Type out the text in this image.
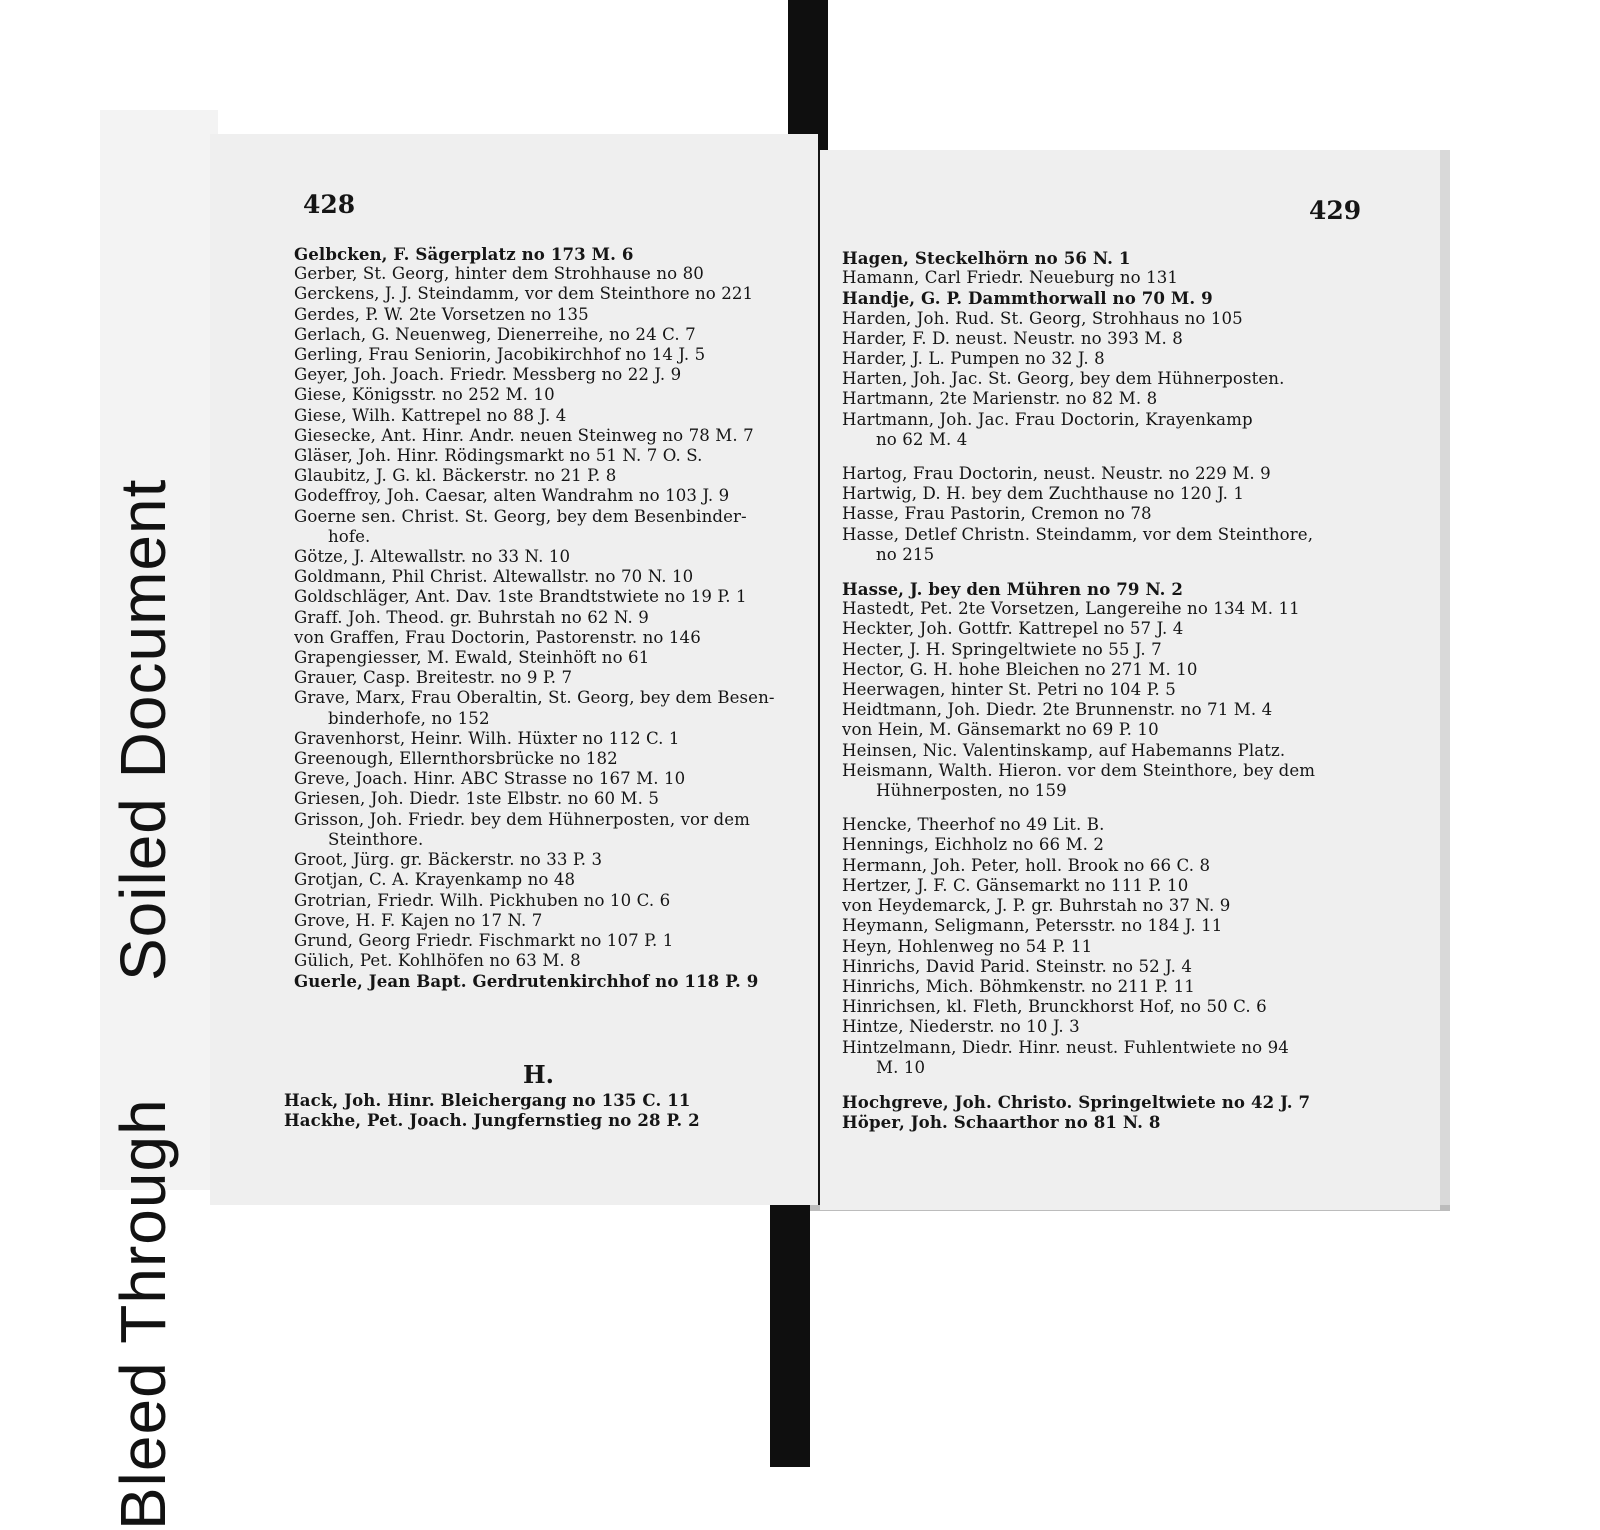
Soiled Document
Bleed Through
428
Gelbcken, F. Sägerplatz no 173 M. 6
Gerber, St. Georg, hinter dem Strohhause no 80
Gerckens, J. J. Steindamm, vor dem Steinthore no 221
Gerdes, P. W. 2te Vorsetzen no 135
Gerlach, G. Neuenweg, Dienerreihe, no 24 C. 7
Gerling, Frau Seniorin, Jacobikirchhof no 14 J. 5
Geyer, Joh. Joach. Friedr. Messberg no 22 J. 9
Giese, Königsstr. no 252 M. 10
Giese, Wilh. Kattrepel no 88 J. 4
Giesecke, Ant. Hinr. Andr. neuen Steinweg no 78 M. 7
Gläser, Joh. Hinr. Rödingsmarkt no 51 N. 7 O. S.
Glaubitz, J. G. kl. Bäckerstr. no 21 P. 8
Godeffroy, Joh. Caesar, alten Wandrahm no 103 J. 9
Goerne sen. Christ. St. Georg, bey dem Besenbinder-
hofe.
Götze, J. Altewallstr. no 33 N. 10
Goldmann, Phil Christ. Altewallstr. no 70 N. 10
Goldschläger, Ant. Dav. 1ste Brandtstwiete no 19 P. 1
Graff. Joh. Theod. gr. Buhrstah no 62 N. 9
von Graffen, Frau Doctorin, Pastorenstr. no 146
Grapengiesser, M. Ewald, Steinhöft no 61
Grauer, Casp. Breitestr. no 9 P. 7
Grave, Marx, Frau Oberaltin, St. Georg, bey dem Besen-
binderhofe, no 152
Gravenhorst, Heinr. Wilh. Hüxter no 112 C. 1
Greenough, Ellernthorsbrücke no 182
Greve, Joach. Hinr. ABC Strasse no 167 M. 10
Griesen, Joh. Diedr. 1ste Elbstr. no 60 M. 5
Grisson, Joh. Friedr. bey dem Hühnerposten, vor dem
Steinthore.
Groot, Jürg. gr. Bäckerstr. no 33 P. 3
Grotjan, C. A. Krayenkamp no 48
Grotrian, Friedr. Wilh. Pickhuben no 10 C. 6
Grove, H. F. Kajen no 17 N. 7
Grund, Georg Friedr. Fischmarkt no 107 P. 1
Gülich, Pet. Kohlhöfen no 63 M. 8
Guerle, Jean Bapt. Gerdrutenkirchhof no 118 P. 9
H.
Hack, Joh. Hinr. Bleichergang no 135 C. 11
Hackhe, Pet. Joach. Jungfernstieg no 28 P. 2
429
Hagen, Steckelhörn no 56 N. 1
Hamann, Carl Friedr. Neueburg no 131
Handje, G. P. Dammthorwall no 70 M. 9
Harden, Joh. Rud. St. Georg, Strohhaus no 105
Harder, F. D. neust. Neustr. no 393 M. 8
Harder, J. L. Pumpen no 32 J. 8
Harten, Joh. Jac. St. Georg, bey dem Hühnerposten.
Hartmann, 2te Marienstr. no 82 M. 8
Hartmann, Joh. Jac. Frau Doctorin, Krayenkamp
no 62 M. 4
Hartog, Frau Doctorin, neust. Neustr. no 229 M. 9
Hartwig, D. H. bey dem Zuchthause no 120 J. 1
Hasse, Frau Pastorin, Cremon no 78
Hasse, Detlef Christn. Steindamm, vor dem Steinthore,
no 215
Hasse, J. bey den Mühren no 79 N. 2
Hastedt, Pet. 2te Vorsetzen, Langereihe no 134 M. 11
Heckter, Joh. Gottfr. Kattrepel no 57 J. 4
Hecter, J. H. Springeltwiete no 55 J. 7
Hector, G. H. hohe Bleichen no 271 M. 10
Heerwagen, hinter St. Petri no 104 P. 5
Heidtmann, Joh. Diedr. 2te Brunnenstr. no 71 M. 4
von Hein, M. Gänsemarkt no 69 P. 10
Heinsen, Nic. Valentinskamp, auf Habemanns Platz.
Heismann, Walth. Hieron. vor dem Steinthore, bey dem
Hühnerposten, no 159
Hencke, Theerhof no 49 Lit. B.
Hennings, Eichholz no 66 M. 2
Hermann, Joh. Peter, holl. Brook no 66 C. 8
Hertzer, J. F. C. Gänsemarkt no 111 P. 10
von Heydemarck, J. P. gr. Buhrstah no 37 N. 9
Heymann, Seligmann, Petersstr. no 184 J. 11
Heyn, Hohlenweg no 54 P. 11
Hinrichs, David Parid. Steinstr. no 52 J. 4
Hinrichs, Mich. Böhmkenstr. no 211 P. 11
Hinrichsen, kl. Fleth, Brunckhorst Hof, no 50 C. 6
Hintze, Niederstr. no 10 J. 3
Hintzelmann, Diedr. Hinr. neust. Fuhlentwiete no 94
M. 10
Hochgreve, Joh. Christo. Springeltwiete no 42 J. 7
Höper, Joh. Schaarthor no 81 N. 8
